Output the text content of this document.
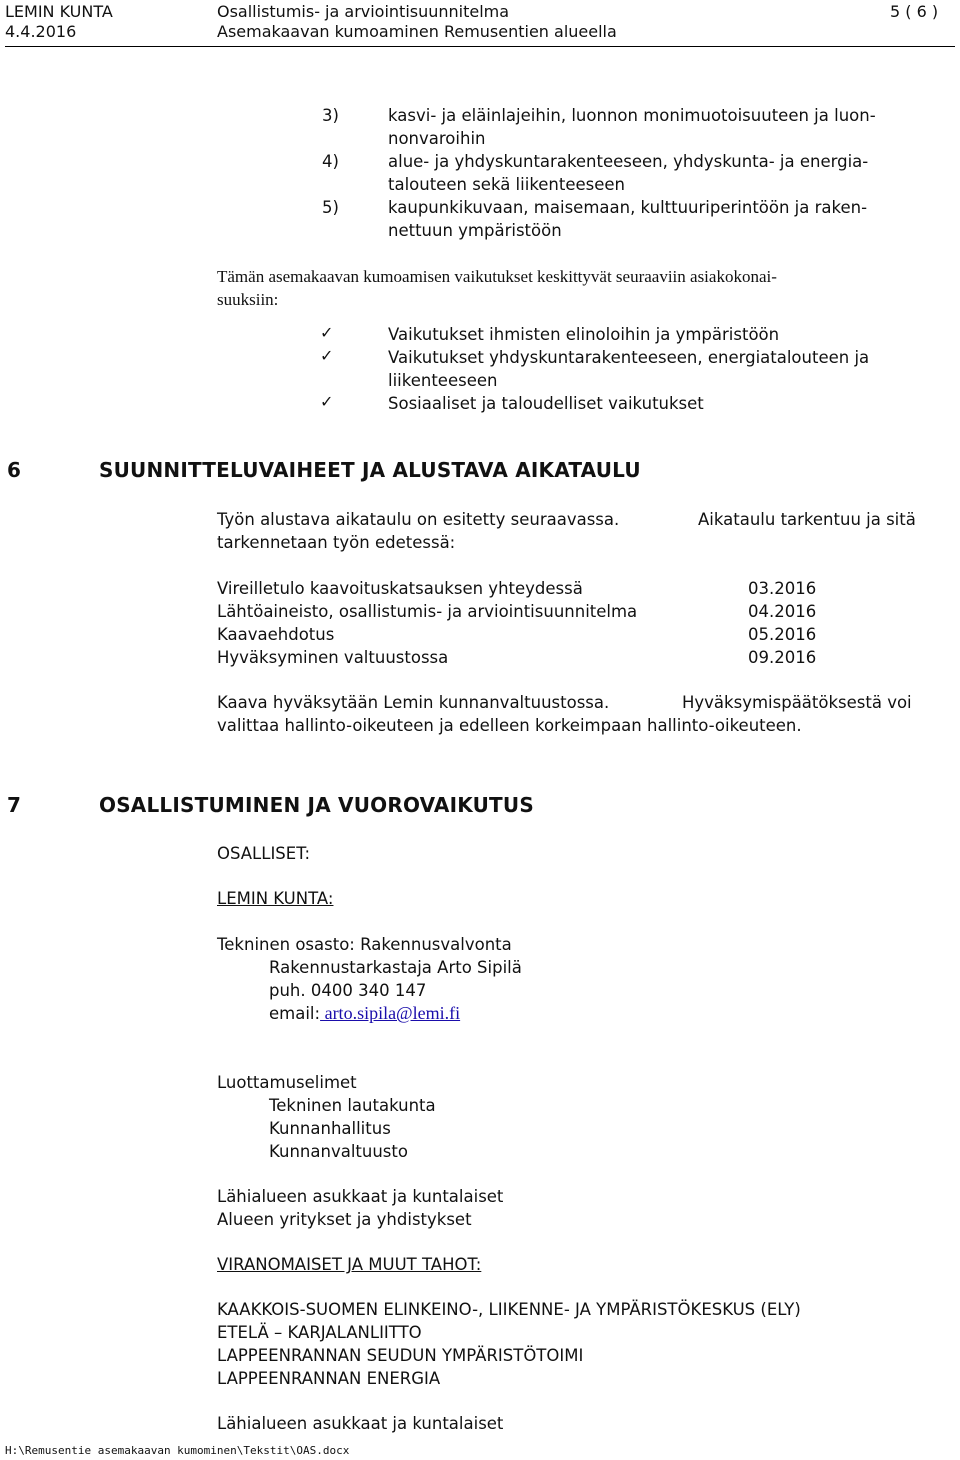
LEMIN KUNTA
4.4.2016
Osallistumis- ja arviointisuunnitelma
Asemakaavan kumoaminen Remusentien alueella
5 ( 6 )
3)	kasvi- ja eläinlajeihin, luonnon monimuotoisuuteen ja luon-
nonvaroihin
4)	alue- ja yhdyskuntarakenteeseen, yhdyskunta- ja energia-
talouteen sekä liikenteeseen
5)	kaupunkikuvaan, maisemaan, kulttuuriperintöön ja raken-
nettuun ympäristöön
Tämän asemakaavan kumoamisen vaikutukset keskittyvät seuraaviin asiakokonai-
suuksiin:
✓	Vaikutukset ihmisten elinoloihin ja ympäristöön
✓	Vaikutukset yhdyskuntarakenteeseen, energiatalouteen ja
liikenteeseen
✓	Sosiaaliset ja taloudelliset vaikutukset
6	SUUNNITTELUVAIHEET JA ALUSTAVA AIKATAULU
Työn alustava aikataulu on esitetty seuraavassa.	Aikataulu tarkentuu ja sitä
tarkennetaan työn edetessä:
Vireilletulo kaavoituskatsauksen yhteydessä	03.2016
Lähtöaineisto, osallistumis- ja arviointisuunnitelma	04.2016
Kaavaehdotus	05.2016
Hyväksyminen valtuustossa	09.2016
Kaava hyväksytään Lemin kunnanvaltuustossa.	Hyväksymispäätöksestä voi
valittaa hallinto-oikeuteen ja edelleen korkeimpaan hallinto-oikeuteen.
7	OSALLISTUMINEN JA VUOROVAIKUTUS
OSALLISET:
LEMIN KUNTA:
Tekninen osasto: Rakennusvalvonta
Rakennustarkastaja Arto Sipilä
puh. 0400 340 147
email: arto.sipila@lemi.fi
Luottamuselimet
Tekninen lautakunta
Kunnanhallitus
Kunnanvaltuusto
Lähialueen asukkaat ja kuntalaiset
Alueen yritykset ja yhdistykset
VIRANOMAISET JA MUUT TAHOT:
KAAKKOIS-SUOMEN ELINKEINO-, LIIKENNE- JA YMPÄRISTÖKESKUS (ELY)
ETELÄ – KARJALANLIITTO
LAPPEENRANNAN SEUDUN YMPÄRISTÖTOIMI
LAPPEENRANNAN ENERGIA
Lähialueen asukkaat ja kuntalaiset
H:\Remusentie asemakaavan kumominen\Tekstit\OAS.docx
